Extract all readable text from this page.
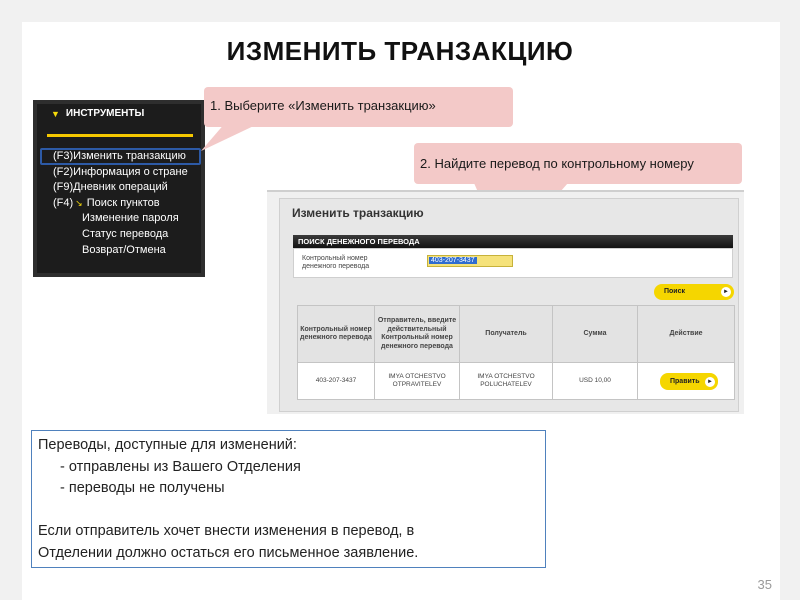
ИЗМЕНИТЬ ТРАНЗАКЦИЮ
▼ ИНСТРУМЕНТЫ
(F3)Изменить транзакцию
(F2)Информация о стране
(F9)Дневник операций
(F4) ↘ Поиск пунктов
Изменение пароля
Статус перевода
Возврат/Отмена
1. Выберите «Изменить транзакцию»
2. Найдите перевод по контрольному номеру
Изменить транзакцию
ПОИСК ДЕНЕЖНОГО ПЕРЕВОДА
Контрольный номер денежного перевода
403-207-3437
Поиск	►
Контрольный номер денежного перевода	Отправитель, введите действительный Контрольный номер денежного перевода	Получатель	Сумма	Действие
403-207-3437	IMYA OTCHESTVO OTPRAVITELEV	IMYA OTCHESTVO POLUCHATELEV	USD 10,00		Править	►
Переводы, доступные для изменений:
- отправлены из Вашего Отделения
- переводы не получены
Если отправитель хочет внести изменения в перевод, в
Отделении должно остаться его письменное заявление.
35
